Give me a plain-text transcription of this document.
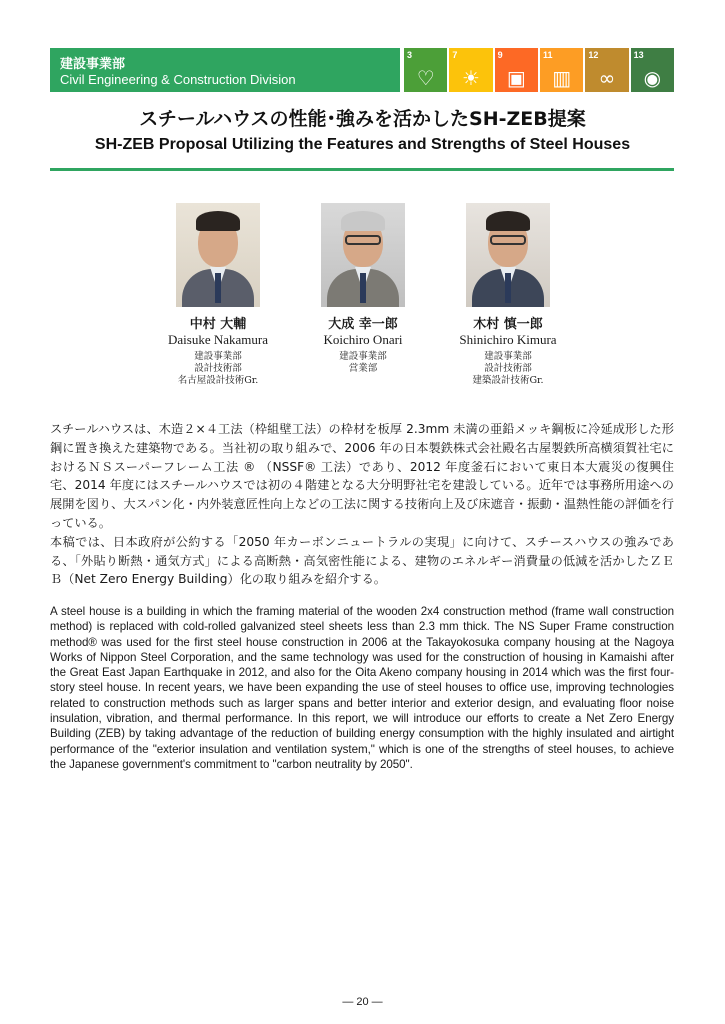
建設事業部
Civil Engineering & Construction Division
3
♡
7
☀
9
▣
11
▥
12
∞
13
◉
スチールハウスの性能･強みを活かしたSH-ZEB提案
SH-ZEB Proposal Utilizing the Features and Strengths of Steel Houses
中村 大輔
Daisuke Nakamura
建設事業部
設計技術部
名古屋設計技術Gr.
大成 幸一郎
Koichiro Onari
建設事業部
営業部
木村 慎一郎
Shinichiro Kimura
建設事業部
設計技術部
建築設計技術Gr.
スチールハウスは、木造２×４工法（枠組壁工法）の枠材を板厚 2.3mm 未満の亜鉛メッキ鋼板に冷延成形した形鋼に置き換えた建築物である。当社初の取り組みで、2006 年の日本製鉄株式会社殿名古屋製鉄所高横須賀社宅におけるＮＳスーパーフレーム工法 ® （NSSF® 工法）であり、2012 年度釜石において東日本大震災の復興住宅、2014 年度にはスチールハウスでは初の４階建となる大分明野社宅を建設している。近年では事務所用途への展開を図り、大スパン化・内外装意匠性向上などの工法に関する技術向上及び床遮音・振動・温熱性能の評価を行っている。
本稿では、日本政府が公約する「2050 年カーボンニュートラルの実現」に向けて、スチースハウスの強みである、「外貼り断熱・通気方式」による高断熱・高気密性能による、建物のエネルギー消費量の低減を活かしたＺＥＢ（Net Zero Energy Building）化の取り組みを紹介する。
A steel house is a building in which the framing material of the wooden 2x4 construction method (frame wall construction method) is replaced with cold-rolled galvanized steel sheets less than 2.3 mm thick. The NS Super Frame construction method® was used for the first steel house construction in 2006 at the Takayokosuka company housing at the Nagoya Works of Nippon Steel Corporation, and the same technology was used for the construction of housing in Kamaishi after the Great East Japan Earthquake in 2012, and also for the Oita Akeno company housing in 2014 which was the first four-story steel house. In recent years, we have been expanding the use of steel houses to office use, improving technologies related to construction methods such as larger spans and better interior and exterior design, and evaluating floor noise insulation, vibration, and thermal performance. In this report, we will introduce our efforts to create a Net Zero Energy Building (ZEB) by taking advantage of the reduction of building energy consumption with the highly insulated and airtight performance of the "exterior insulation and ventilation system," which is one of the strengths of steel houses, to achieve the Japanese government's commitment to "carbon neutrality by 2050".
― 20 ―
